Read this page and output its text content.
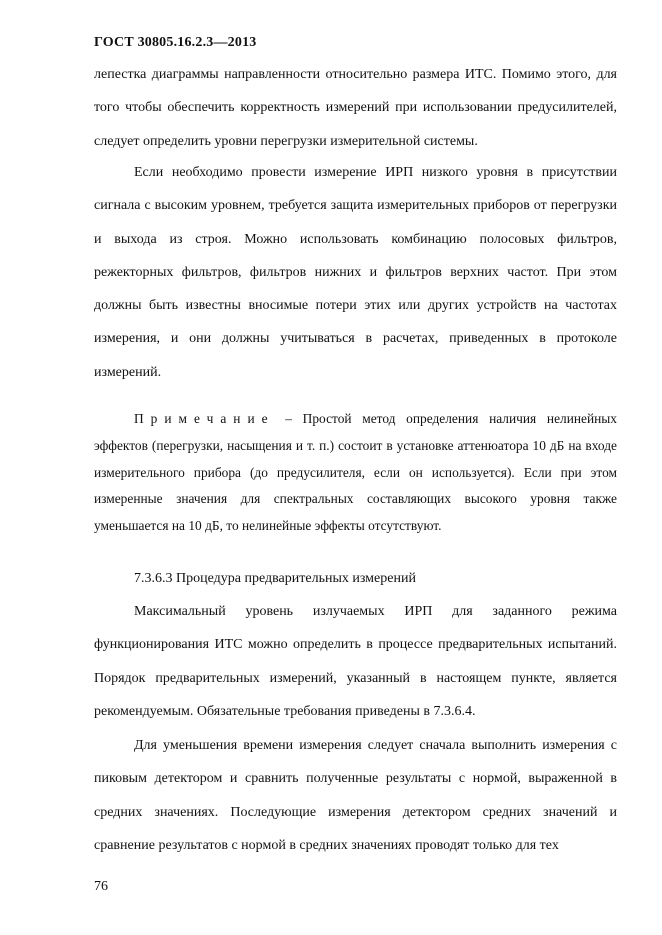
ГОСТ 30805.16.2.3—2013
лепестка диаграммы направленности относительно размера ИТС. Помимо этого, для того чтобы обеспечить корректность измерений при использовании предусилителей, следует определить уровни перегрузки измерительной системы.
Если необходимо провести измерение ИРП низкого уровня в присутствии сигнала с высоким уровнем, требуется защита измерительных приборов от перегрузки и выхода из строя. Можно использовать комбинацию полосовых фильтров, режекторных фильтров, фильтров нижних и фильтров верхних частот. При этом должны быть известны вносимые потери этих или других устройств на частотах измерения, и они должны учитываться в расчетах, приведенных в протоколе измерений.
Примечание – Простой метод определения наличия нелинейных эффектов (перегрузки, насыщения и т. п.) состоит в установке аттенюатора 10 дБ на входе измерительного прибора (до предусилителя, если он используется). Если при этом измеренные значения для спектральных составляющих высокого уровня также уменьшается на 10 дБ, то нелинейные эффекты отсутствуют.
7.3.6.3 Процедура предварительных измерений
Максимальный уровень излучаемых ИРП для заданного режима функционирования ИТС можно определить в процессе предварительных испытаний. Порядок предварительных измерений, указанный в настоящем пункте, является рекомендуемым. Обязательные требования приведены в 7.3.6.4.
Для уменьшения времени измерения следует сначала выполнить измерения с пиковым детектором и сравнить полученные результаты с нормой, выраженной в средних значениях. Последующие измерения детектором средних значений и сравнение результатов с нормой в средних значениях проводят только для тех
76
